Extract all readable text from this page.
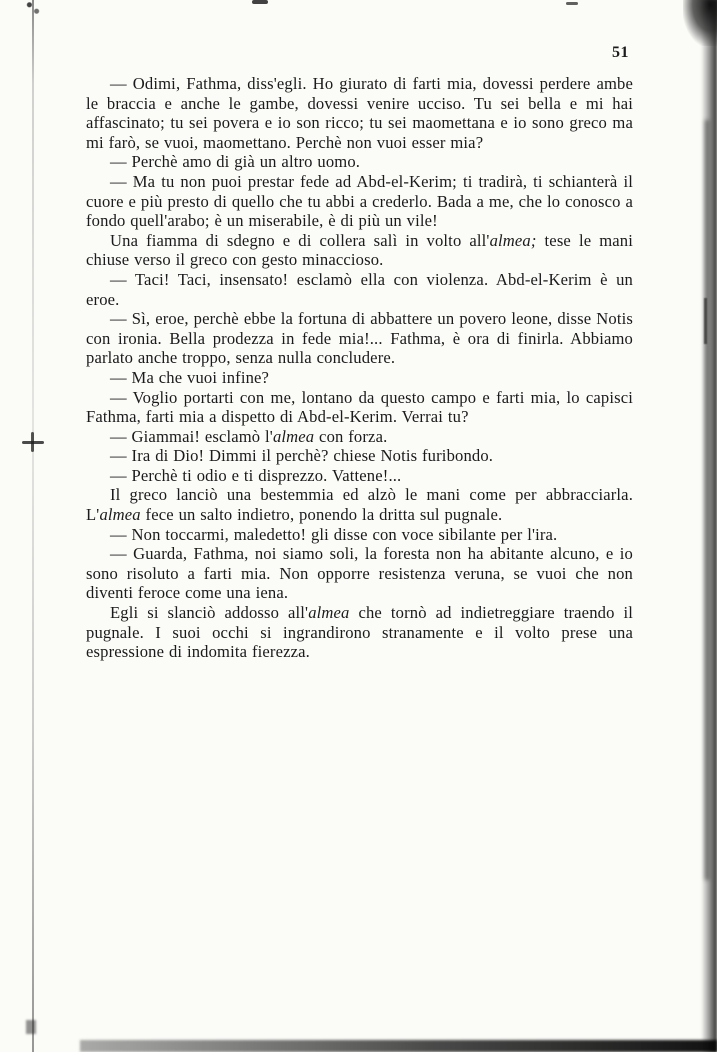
51

— Odimi, Fathma, diss'egli. Ho giurato di farti mia, dovessi perdere ambe le braccia e anche le gambe, dovessi venire ucciso. Tu sei bella e mi hai affascinato; tu sei povera e io son ricco; tu sei maomettana e io sono greco ma mi farò, se vuoi, maomettano. Perchè non vuoi esser mia?

— Perchè amo di già un altro uomo.

— Ma tu non puoi prestar fede ad Abd-el-Kerim; ti tradirà, ti schianterà il cuore e più presto di quello che tu abbi a crederlo. Bada a me, che lo conosco a fondo quell'arabo; è un miserabile, è di più un vile!

Una fiamma di sdegno e di collera salì in volto all'almea; tese le mani chiuse verso il greco con gesto minaccioso.

— Taci! Taci, insensato! esclamò ella con violenza. Abd-el-Kerim è un eroe.

— Sì, eroe, perchè ebbe la fortuna di abbattere un povero leone, disse Notis con ironia. Bella prodezza in fede mia!... Fathma, è ora di finirla. Abbiamo parlato anche troppo, senza nulla concludere.

— Ma che vuoi infine?

— Voglio portarti con me, lontano da questo campo e farti mia, lo capisci Fathma, farti mia a dispetto di Abd-el-Kerim. Verrai tu?

— Giammai! esclamò l'almea con forza.

— Ira di Dio! Dimmi il perchè? chiese Notis furibondo.

— Perchè ti odio e ti disprezzo. Vattene!...

Il greco lanciò una bestemmia ed alzò le mani come per abbracciarla. L'almea fece un salto indietro, ponendo la dritta sul pugnale.

— Non toccarmi, maledetto! gli disse con voce sibilante per l'ira.

— Guarda, Fathma, noi siamo soli, la foresta non ha abitante alcuno, e io sono risoluto a farti mia. Non opporre resistenza veruna, se vuoi che non diventi feroce come una iena.

Egli si slanciò addosso all'almea che tornò ad indietreggiare traendo il pugnale. I suoi occhi si ingrandirono stranamente e il volto prese una espressione di indomita fierezza.
